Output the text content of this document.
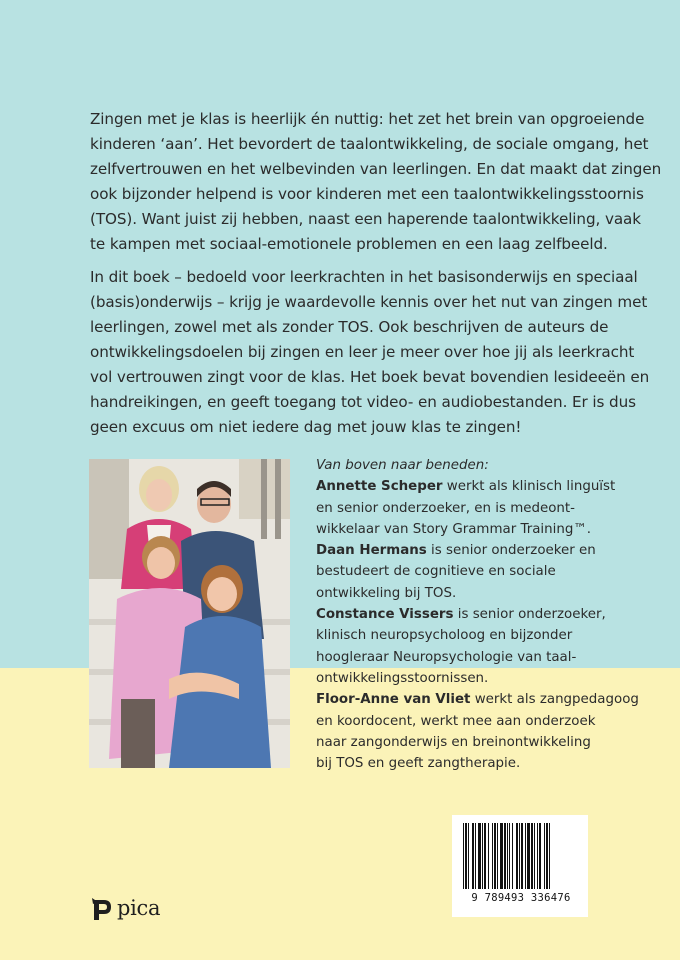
Zingen met je klas is heerlijk én nuttig: het zet het brein van opgroeiende
kinderen ‘aan’. Het bevordert de taalontwikkeling, de sociale omgang, het
zelfvertrouwen en het welbevinden van leerlingen. En dat maakt dat zingen
ook bijzonder helpend is voor kinderen met een taalontwikkelingsstoornis
(TOS). Want juist zij hebben, naast een haperende taalontwikkeling, vaak
te kampen met sociaal-emotionele problemen en een laag zelfbeeld.

In dit boek – bedoeld voor leerkrachten in het basisonderwijs en speciaal
(basis)onderwijs – krijg je waardevolle kennis over het nut van zingen met
leerlingen, zowel met als zonder TOS. Ook beschrijven de auteurs de
ontwikkelingsdoelen bij zingen en leer je meer over hoe jij als leerkracht
vol vertrouwen zingt voor de klas. Het boek bevat bovendien lesideeën en
handreikingen, en geeft toegang tot video- en audiobestanden. Er is dus
geen excuus om niet iedere dag met jouw klas te zingen!

Van boven naar beneden:
Annette Scheper werkt als klinisch linguïst
en senior onderzoeker, en is medeont-
wikkelaar van Story Grammar Training™.
Daan Hermans is senior onderzoeker en
bestudeert de cognitieve en sociale
ontwikkeling bij TOS.
Constance Vissers is senior onderzoeker,
klinisch neuropsycholoog en bijzonder
hoogleraar Neuropsychologie van taal-
ontwikkelingsstoornissen.
Floor-Anne van Vliet werkt als zangpedagoog
en koordocent, werkt mee aan onderzoek
naar zangonderwijs en breinontwikkeling
bij TOS en geeft zangtherapie.
9 789493 336476
pica
